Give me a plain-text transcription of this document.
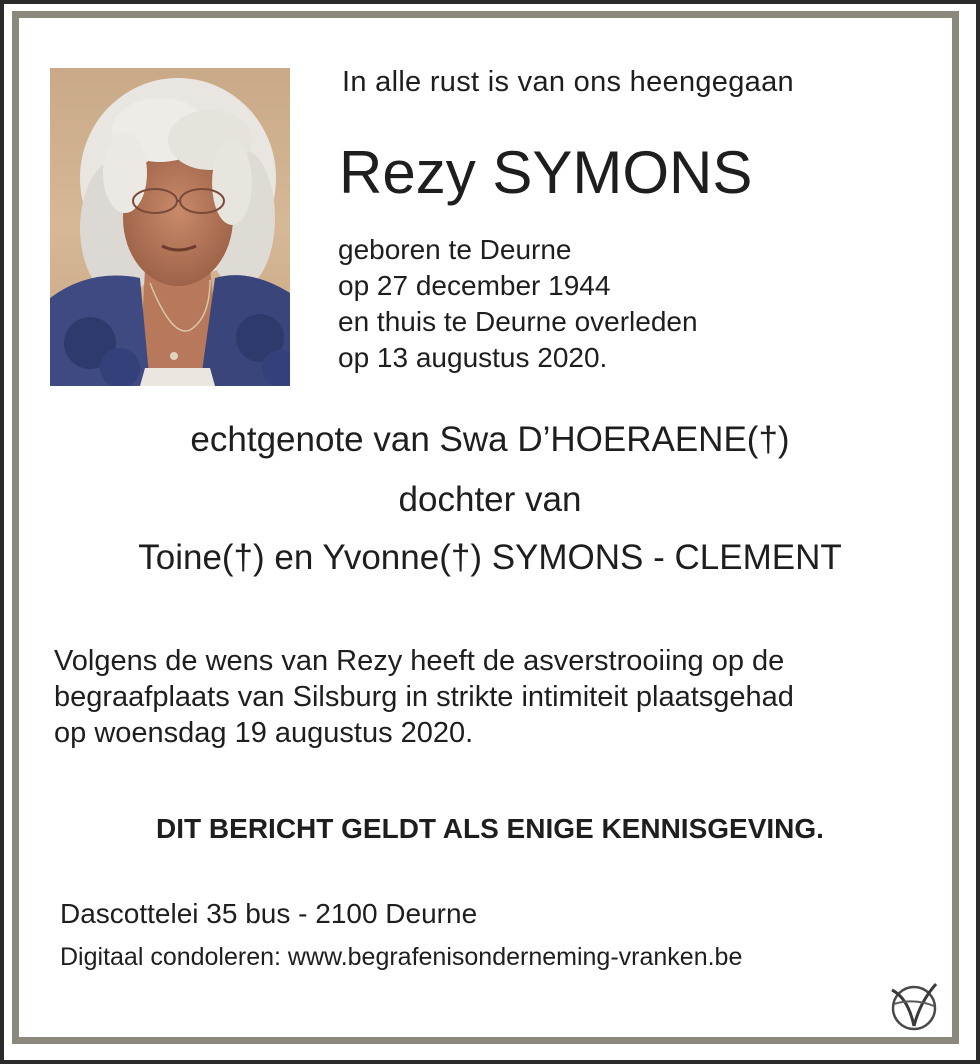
In alle rust is van ons heengegaan
Rezy SYMONS
geboren te Deurne
op 27 december 1944
en thuis te Deurne overleden
op 13 augustus 2020.
echtgenote van Swa D’HOERAENE(†)
dochter van
Toine(†) en Yvonne(†) SYMONS - CLEMENT
Volgens de wens van Rezy heeft de asverstrooiing op de
begraafplaats van Silsburg in strikte intimiteit plaatsgehad
op woensdag 19 augustus 2020.
DIT BERICHT GELDT ALS ENIGE KENNISGEVING.
Dascottelei 35 bus - 2100 Deurne
Digitaal condoleren: www.begrafenisonderneming-vranken.be
